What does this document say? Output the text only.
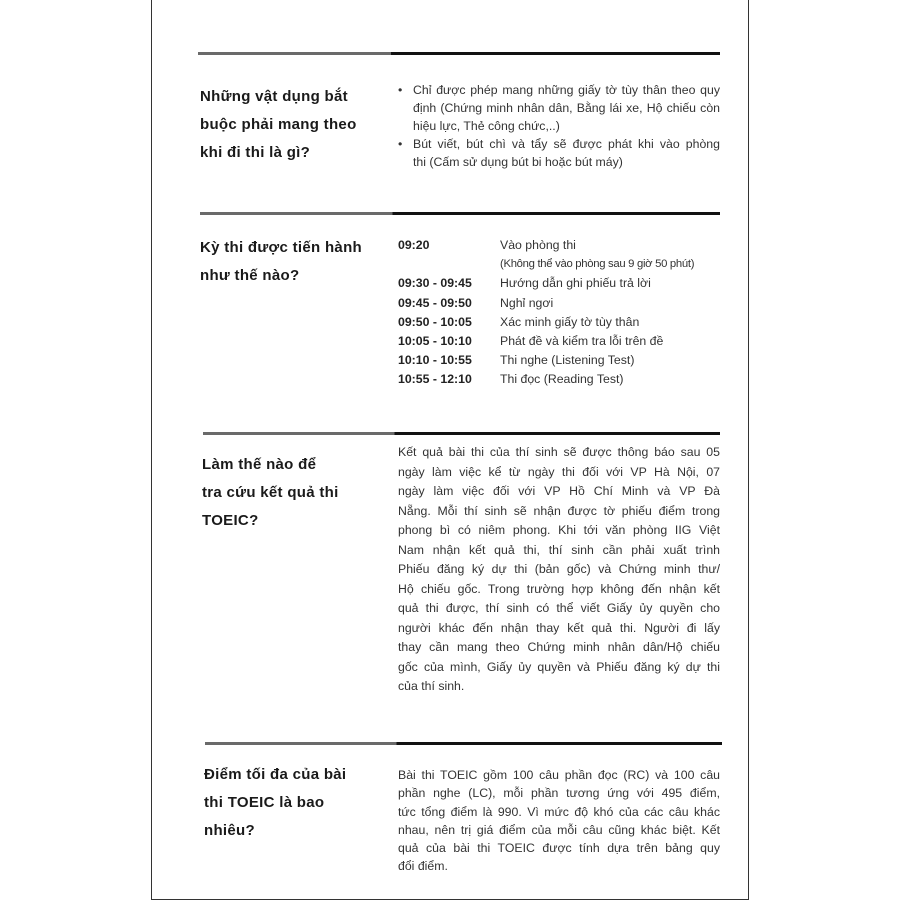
Những vật dụng bắt
buộc phải mang theo
khi đi thi là gì?
• Chỉ được phép mang những giấy tờ tùy thân theo quy
định (Chứng minh nhân dân, Bằng lái xe, Hộ chiếu còn
hiệu lực, Thẻ công chức,..)
• Bút viết, bút chì và tẩy sẽ được phát khi vào phòng
thi (Cấm sử dụng bút bi hoặc bút máy)
Kỳ thi được tiến hành
như thế nào?
09:20	Vào phòng thi
(Không thể vào phòng sau 9 giờ 50 phút)
09:30 - 09:45	Hướng dẫn ghi phiếu trả lời
09:45 - 09:50	Nghỉ ngơi
09:50 - 10:05	Xác minh giấy tờ tùy thân
10:05 - 10:10	Phát đề và kiểm tra lỗi trên đề
10:10 - 10:55	Thi nghe (Listening Test)
10:55 - 12:10	Thi đọc (Reading Test)
Làm thế nào để
tra cứu kết quả thi
TOEIC?
Kết quả bài thi của thí sinh sẽ được thông báo sau 05
ngày làm việc kể từ ngày thi đối với VP Hà Nội, 07
ngày làm việc đối với VP Hồ Chí Minh và VP Đà
Nẵng. Mỗi thí sinh sẽ nhận được tờ phiếu điểm trong
phong bì có niêm phong. Khi tới văn phòng IIG Việt
Nam nhận kết quả thi, thí sinh cần phải xuất trình
Phiếu đăng ký dự thi (bản gốc) và Chứng minh thư/
Hộ chiếu gốc. Trong trường hợp không đến nhận kết
quả thi được, thí sinh có thể viết Giấy ủy quyền cho
người khác đến nhận thay kết quả thi. Người đi lấy
thay cần mang theo Chứng minh nhân dân/Hộ chiếu
gốc của mình, Giấy ủy quyền và Phiếu đăng ký dự thi
của thí sinh.
Điểm tối đa của bài
thi TOEIC là bao
nhiêu?
Bài thi TOEIC gồm 100 câu phần đọc (RC) và 100 câu
phần nghe (LC), mỗi phần tương ứng với 495 điểm,
tức tổng điểm là 990. Vì mức độ khó của các câu khác
nhau, nên trị giá điểm của mỗi câu cũng khác biệt. Kết
quả của bài thi TOEIC được tính dựa trên bảng quy
đổi điểm.
